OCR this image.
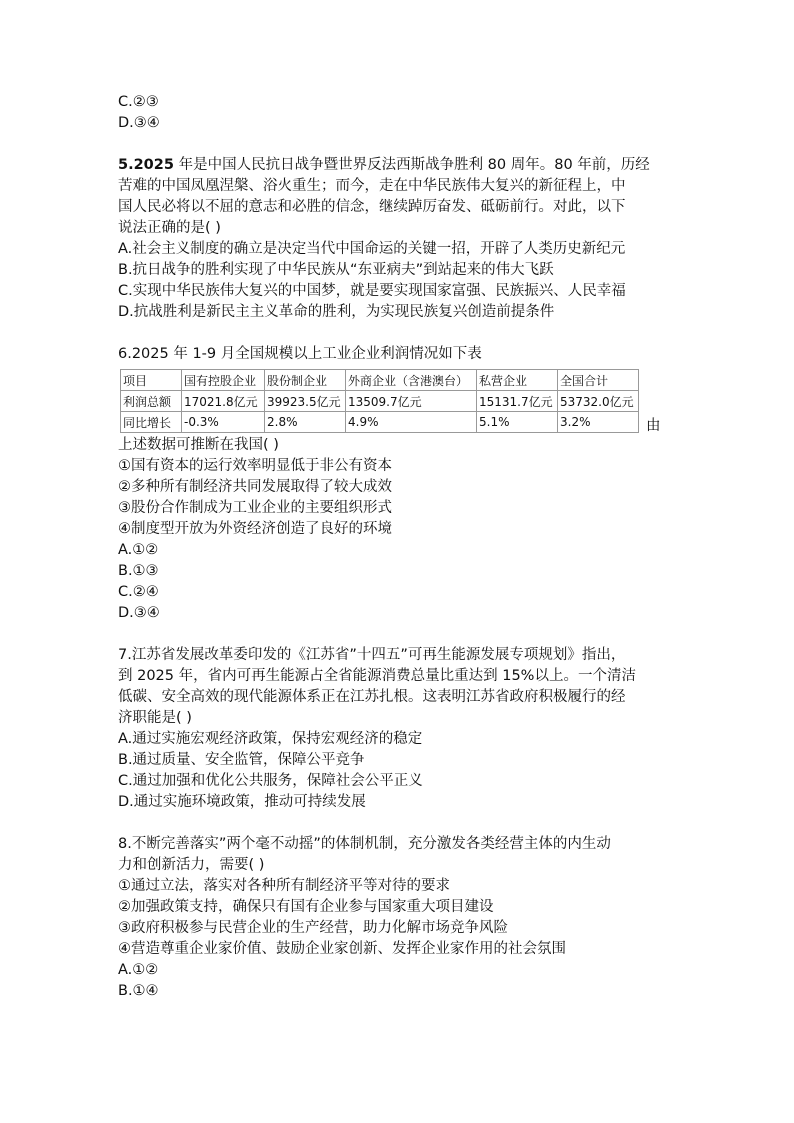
C.②③
D.③④
5.2025 年是中国人民抗日战争暨世界反法西斯战争胜利 80 周年。80 年前，历经
苦难的中国凤凰涅槃、浴火重生；而今，走在中华民族伟大复兴的新征程上，中
国人民必将以不屈的意志和必胜的信念，继续踔厉奋发、砥砺前行。对此，以下
说法正确的是( )
A.社会主义制度的确立是决定当代中国命运的关键一招，开辟了人类历史新纪元
B.抗日战争的胜利实现了中华民族从“东亚病夫”到站起来的伟大飞跃
C.实现中华民族伟大复兴的中国梦，就是要实现国家富强、民族振兴、人民幸福
D.抗战胜利是新民主主义革命的胜利，为实现民族复兴创造前提条件
6.2025 年 1-9 月全国规模以上工业企业利润情况如下表
项目	国有控股企业	股份制企业	外商企业（含港澳台）	私营企业	全国合计
利润总额	17021.8亿元	39923.5亿元	13509.7亿元	15131.7亿元	53732.0亿元
同比增长	-0.3%	2.8%	4.9%	5.1%	3.2%	由
上述数据可推断在我国( )
①国有资本的运行效率明显低于非公有资本
②多种所有制经济共同发展取得了较大成效
③股份合作制成为工业企业的主要组织形式
④制度型开放为外资经济创造了良好的环境
A.①②
B.①③
C.②④
D.③④
7.江苏省发展改革委印发的《江苏省”十四五”可再生能源发展专项规划》指出，
到 2025 年，省内可再生能源占全省能源消费总量比重达到 15%以上。一个清洁
低碳、安全高效的现代能源体系正在江苏扎根。这表明江苏省政府积极履行的经
济职能是( )
A.通过实施宏观经济政策，保持宏观经济的稳定
B.通过质量、安全监管，保障公平竞争
C.通过加强和优化公共服务，保障社会公平正义
D.通过实施环境政策，推动可持续发展
8.不断完善落实”两个毫不动摇”的体制机制，充分激发各类经营主体的内生动
力和创新活力，需要( )
①通过立法，落实对各种所有制经济平等对待的要求
②加强政策支持，确保只有国有企业参与国家重大项目建设
③政府积极参与民营企业的生产经营，助力化解市场竞争风险
④营造尊重企业家价值、鼓励企业家创新、发挥企业家作用的社会氛围
A.①②
B.①④
